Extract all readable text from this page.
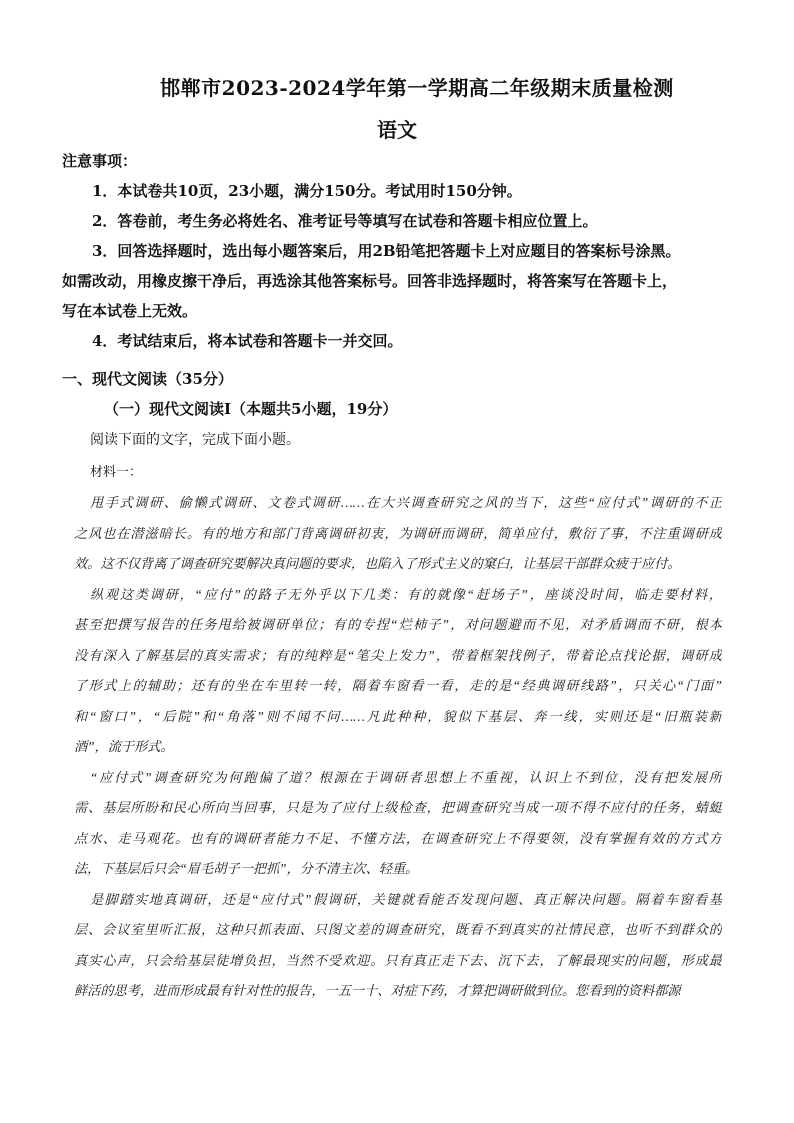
邯郸市2023-2024学年第一学期高二年级期末质量检测
语文

注意事项：

1．本试卷共10页，23小题，满分150分。考试用时150分钟。

2．答卷前，考生务必将姓名、准考证号等填写在试卷和答题卡相应位置上。

3．回答选择题时，选出每小题答案后，用2B铅笔把答题卡上对应题目的答案标号涂黑。

如需改动，用橡皮擦干净后，再选涂其他答案标号。回答非选择题时，将答案写在答题卡上，

写在本试卷上无效。

4．考试结束后，将本试卷和答题卡一并交回。

一、现代文阅读（35分）
（一）现代文阅读Ⅰ（本题共5小题，19分）
阅读下面的文字，完成下面小题。
材料一：
甩手式调研、偷懒式调研、文卷式调研……在大兴调查研究之风的当下，这些“应付式”调研的不正
之风也在潜滋暗长。有的地方和部门背离调研初衷，为调研而调研，简单应付，敷衍了事，不注重调研成
效。这不仅背离了调查研究要解决真问题的要求，也陷入了形式主义的窠臼，让基层干部群众疲于应付。
纵观这类调研，“应付”的路子无外乎以下几类：有的就像“赶场子”，座谈没时间，临走要材料，
甚至把撰写报告的任务甩给被调研单位；有的专捏“烂柿子”，对问题避而不见，对矛盾调而不研，根本
没有深入了解基层的真实需求；有的纯粹是“笔尖上发力”，带着框架找例子，带着论点找论据，调研成
了形式上的辅助；还有的坐在车里转一转，隔着车窗看一看，走的是“经典调研线路”，只关心“门面”
和“窗口”，“后院”和“角落”则不闻不问……凡此种种，貌似下基层、奔一线，实则还是“旧瓶装新
酒”，流于形式。
“应付式”调查研究为何跑偏了道？根源在于调研者思想上不重视，认识上不到位，没有把发展所
需、基层所盼和民心所向当回事，只是为了应付上级检查，把调查研究当成一项不得不应付的任务，蜻蜓
点水、走马观花。也有的调研者能力不足、不懂方法，在调查研究上不得要领，没有掌握有效的方式方
法，下基层后只会“眉毛胡子一把抓”，分不清主次、轻重。
是脚踏实地真调研，还是“应付式”假调研，关键就看能否发现问题、真正解决问题。隔着车窗看基
层、会议室里听汇报，这种只抓表面、只图文差的调查研究，既看不到真实的社情民意，也听不到群众的
真实心声，只会给基层徒增负担，当然不受欢迎。只有真正走下去、沉下去，了解最现实的问题，形成最
鲜活的思考，进而形成最有针对性的报告，一五一十、对症下药，才算把调研做到位。您看到的资料都源
